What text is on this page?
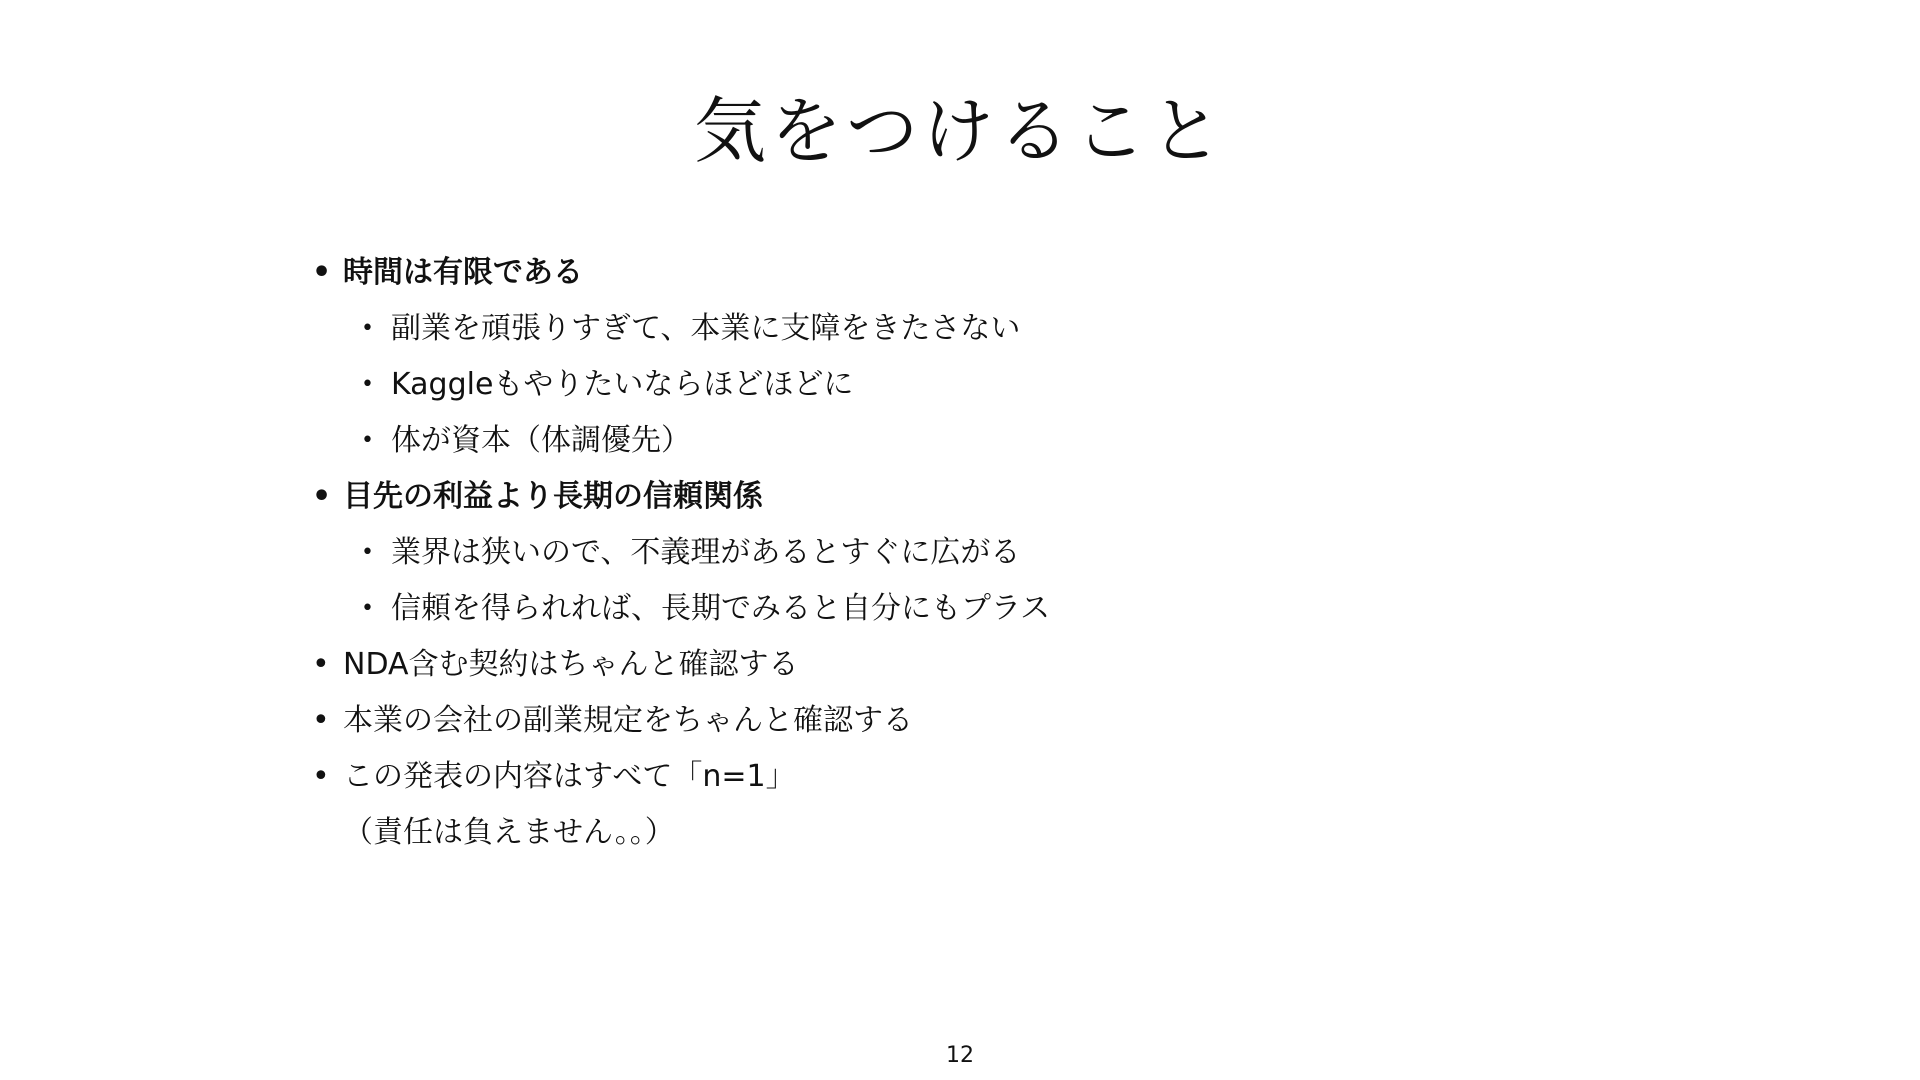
気をつけること
• 時間は有限である
• 副業を頑張りすぎて、本業に支障をきたさない
• Kaggleもやりたいならほどほどに
• 体が資本（体調優先）
• 目先の利益より長期の信頼関係
• 業界は狭いので、不義理があるとすぐに広がる
• 信頼を得られれば、長期でみると自分にもプラス
• NDA含む契約はちゃんと確認する
• 本業の会社の副業規定をちゃんと確認する
• この発表の内容はすべて「n=1」
（責任は負えません。。）
12
